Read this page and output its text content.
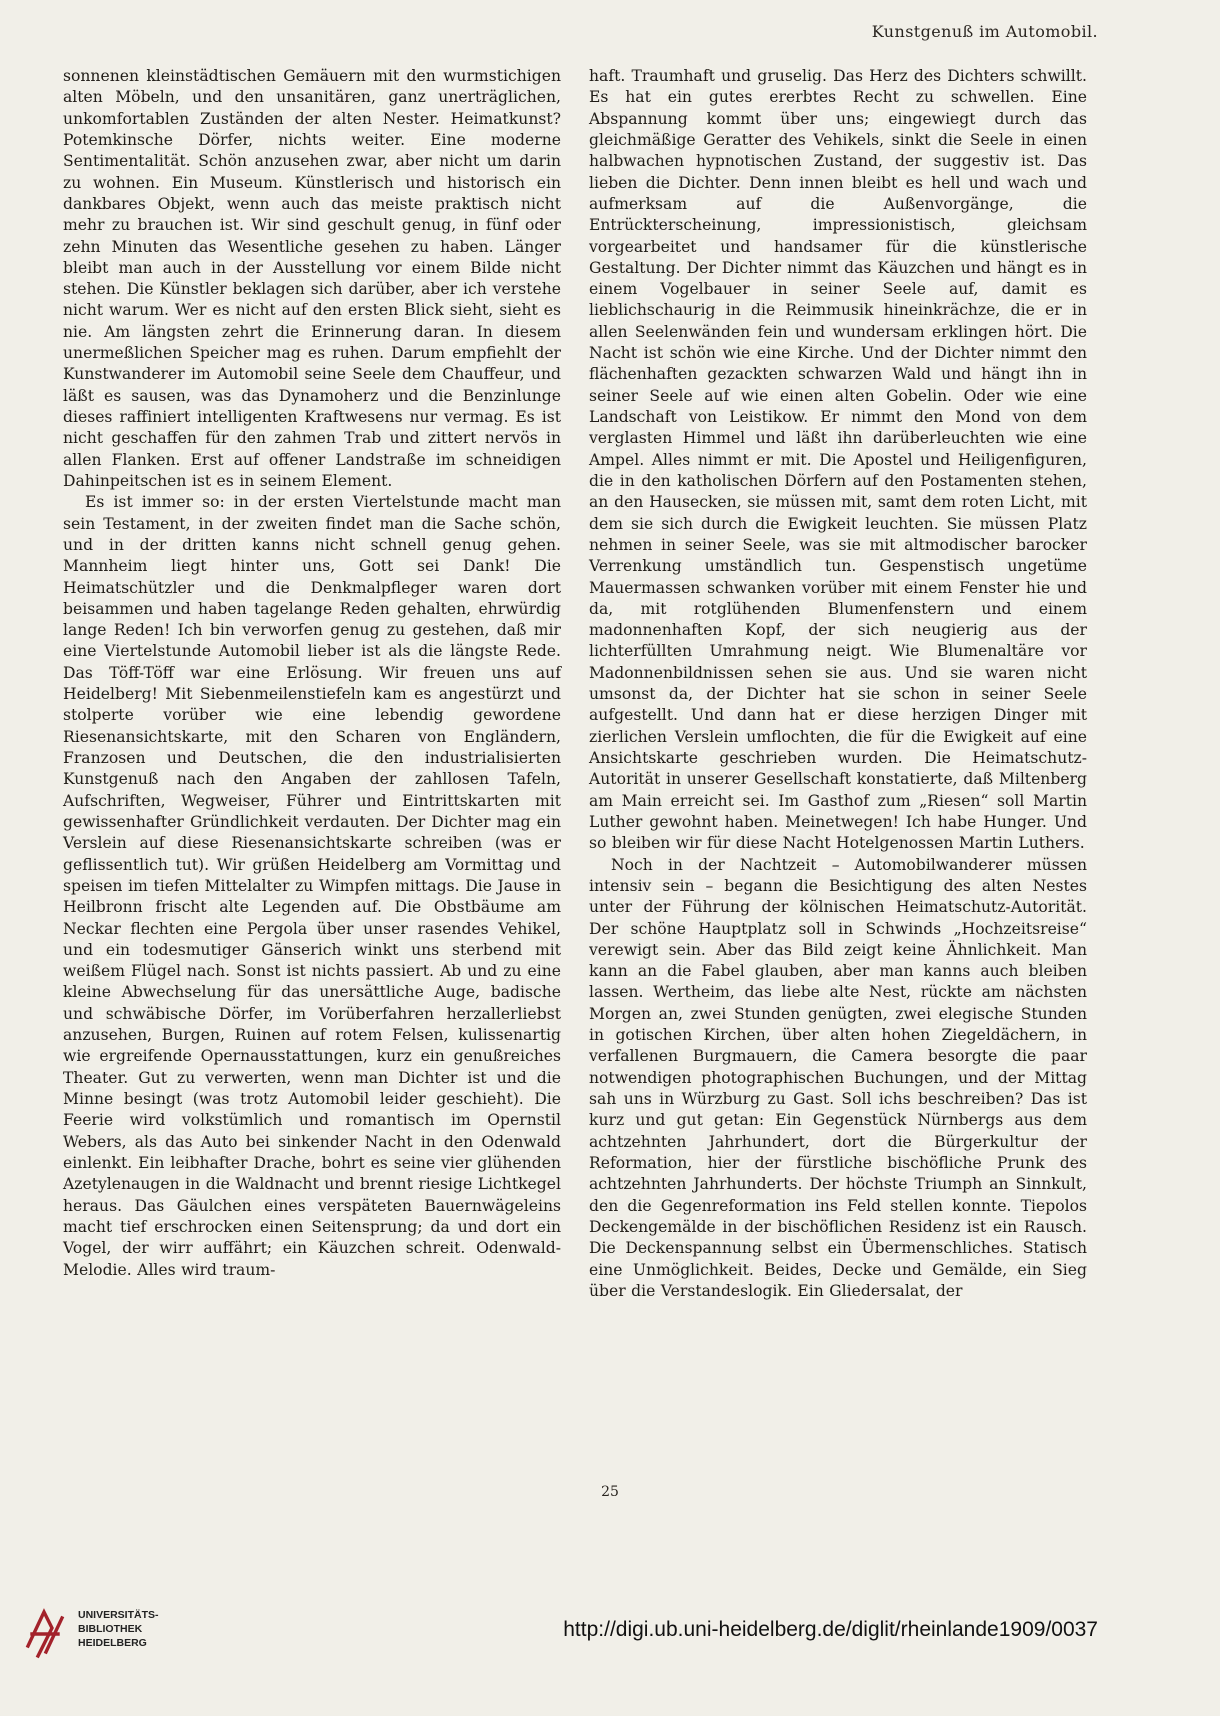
Kunstgenuß im Automobil.

sonnenen kleinstädtischen Gemäuern mit den wurmstichigen alten Möbeln, und den unsanitären, ganz unerträglichen, unkomfortablen Zuständen der alten Nester. Heimatkunst? Potemkinsche Dörfer, nichts weiter. Eine moderne Sentimentalität. Schön anzusehen zwar, aber nicht um darin zu wohnen. Ein Museum. Künstlerisch und historisch ein dankbares Objekt, wenn auch das meiste praktisch nicht mehr zu brauchen ist. Wir sind geschult genug, in fünf oder zehn Minuten das Wesentliche gesehen zu haben. Länger bleibt man auch in der Ausstellung vor einem Bilde nicht stehen. Die Künstler beklagen sich darüber, aber ich verstehe nicht warum. Wer es nicht auf den ersten Blick sieht, sieht es nie. Am längsten zehrt die Erinnerung daran. In diesem unermeßlichen Speicher mag es ruhen. Darum empfiehlt der Kunstwanderer im Automobil seine Seele dem Chauffeur, und läßt es sausen, was das Dynamoherz und die Benzinlunge dieses raffiniert intelligenten Kraftwesens nur vermag. Es ist nicht geschaffen für den zahmen Trab und zittert nervös in allen Flanken. Erst auf offener Landstraße im schneidigen Dahinpeitschen ist es in seinem Element.

Es ist immer so: in der ersten Viertelstunde macht man sein Testament, in der zweiten findet man die Sache schön, und in der dritten kanns nicht schnell genug gehen. Mannheim liegt hinter uns, Gott sei Dank! Die Heimatschützler und die Denkmalpfleger waren dort beisammen und haben tagelange Reden gehalten, ehrwürdig lange Reden! Ich bin verworfen genug zu gestehen, daß mir eine Viertelstunde Automobil lieber ist als die längste Rede. Das Töff-Töff war eine Erlösung. Wir freuen uns auf Heidelberg! Mit Siebenmeilenstiefeln kam es angestürzt und stolperte vorüber wie eine lebendig gewordene Riesenansichtskarte, mit den Scharen von Engländern, Franzosen und Deutschen, die den industrialisierten Kunstgenuß nach den Angaben der zahllosen Tafeln, Aufschriften, Wegweiser, Führer und Eintrittskarten mit gewissenhafter Gründlichkeit verdauten. Der Dichter mag ein Verslein auf diese Riesenansichtskarte schreiben (was er geflissentlich tut). Wir grüßen Heidelberg am Vormittag und speisen im tiefen Mittelalter zu Wimpfen mittags. Die Jause in Heilbronn frischt alte Legenden auf. Die Obstbäume am Neckar flechten eine Pergola über unser rasendes Vehikel, und ein todesmutiger Gänserich winkt uns sterbend mit weißem Flügel nach. Sonst ist nichts passiert. Ab und zu eine kleine Abwechselung für das unersättliche Auge, badische und schwäbische Dörfer, im Vorüberfahren herzallerliebst anzusehen, Burgen, Ruinen auf rotem Felsen, kulissenartig wie ergreifende Opernausstattungen, kurz ein genußreiches Theater. Gut zu verwerten, wenn man Dichter ist und die Minne besingt (was trotz Automobil leider geschieht). Die Feerie wird volkstümlich und romantisch im Opernstil Webers, als das Auto bei sinkender Nacht in den Odenwald einlenkt. Ein leibhafter Drache, bohrt es seine vier glühenden Azetylenaugen in die Waldnacht und brennt riesige Lichtkegel heraus. Das Gäulchen eines verspäteten Bauernwägeleins macht tief erschrocken einen Seitensprung; da und dort ein Vogel, der wirr auffährt; ein Käuzchen schreit. Odenwald-Melodie. Alles wird traum-

haft. Traumhaft und gruselig. Das Herz des Dichters schwillt. Es hat ein gutes ererbtes Recht zu schwellen. Eine Abspannung kommt über uns; eingewiegt durch das gleichmäßige Geratter des Vehikels, sinkt die Seele in einen halbwachen hypnotischen Zustand, der suggestiv ist. Das lieben die Dichter. Denn innen bleibt es hell und wach und aufmerksam auf die Außenvorgänge, die Entrückterscheinung, impressionistisch, gleichsam vorgearbeitet und handsamer für die künstlerische Gestaltung. Der Dichter nimmt das Käuzchen und hängt es in einem Vogelbauer in seiner Seele auf, damit es lieblichschaurig in die Reimmusik hineinkrächze, die er in allen Seelenwänden fein und wundersam erklingen hört. Die Nacht ist schön wie eine Kirche. Und der Dichter nimmt den flächenhaften gezackten schwarzen Wald und hängt ihn in seiner Seele auf wie einen alten Gobelin. Oder wie eine Landschaft von Leistikow. Er nimmt den Mond von dem verglasten Himmel und läßt ihn darüberleuchten wie eine Ampel. Alles nimmt er mit. Die Apostel und Heiligenfiguren, die in den katholischen Dörfern auf den Postamenten stehen, an den Hausecken, sie müssen mit, samt dem roten Licht, mit dem sie sich durch die Ewigkeit leuchten. Sie müssen Platz nehmen in seiner Seele, was sie mit altmodischer barocker Verrenkung umständlich tun. Gespenstisch ungetüme Mauermassen schwanken vorüber mit einem Fenster hie und da, mit rotglühenden Blumenfenstern und einem madonnenhaften Kopf, der sich neugierig aus der lichterfüllten Umrahmung neigt. Wie Blumenaltäre vor Madonnenbildnissen sehen sie aus. Und sie waren nicht umsonst da, der Dichter hat sie schon in seiner Seele aufgestellt. Und dann hat er diese herzigen Dinger mit zierlichen Verslein umflochten, die für die Ewigkeit auf eine Ansichtskarte geschrieben wurden. Die Heimatschutz-Autorität in unserer Gesellschaft konstatierte, daß Miltenberg am Main erreicht sei. Im Gasthof zum „Riesen“ soll Martin Luther gewohnt haben. Meinetwegen! Ich habe Hunger. Und so bleiben wir für diese Nacht Hotelgenossen Martin Luthers.

Noch in der Nachtzeit – Automobilwanderer müssen intensiv sein – begann die Besichtigung des alten Nestes unter der Führung der kölnischen Heimatschutz-Autorität. Der schöne Hauptplatz soll in Schwinds „Hochzeitsreise“ verewigt sein. Aber das Bild zeigt keine Ähnlichkeit. Man kann an die Fabel glauben, aber man kanns auch bleiben lassen. Wertheim, das liebe alte Nest, rückte am nächsten Morgen an, zwei Stunden genügten, zwei elegische Stunden in gotischen Kirchen, über alten hohen Ziegeldächern, in verfallenen Burgmauern, die Camera besorgte die paar notwendigen photographischen Buchungen, und der Mittag sah uns in Würzburg zu Gast. Soll ichs beschreiben? Das ist kurz und gut getan: Ein Gegenstück Nürnbergs aus dem achtzehnten Jahrhundert, dort die Bürgerkultur der Reformation, hier der fürstliche bischöfliche Prunk des achtzehnten Jahrhunderts. Der höchste Triumph an Sinnkult, den die Gegenreformation ins Feld stellen konnte. Tiepolos Deckengemälde in der bischöflichen Residenz ist ein Rausch. Die Deckenspannung selbst ein Übermenschliches. Statisch eine Unmöglichkeit. Beides, Decke und Gemälde, ein Sieg über die Verstandeslogik. Ein Gliedersalat, der

25
UNIVERSITÄTS-
BIBLIOTHEK
HEIDELBERG
http://digi.ub.uni-heidelberg.de/diglit/rheinlande1909/0037
